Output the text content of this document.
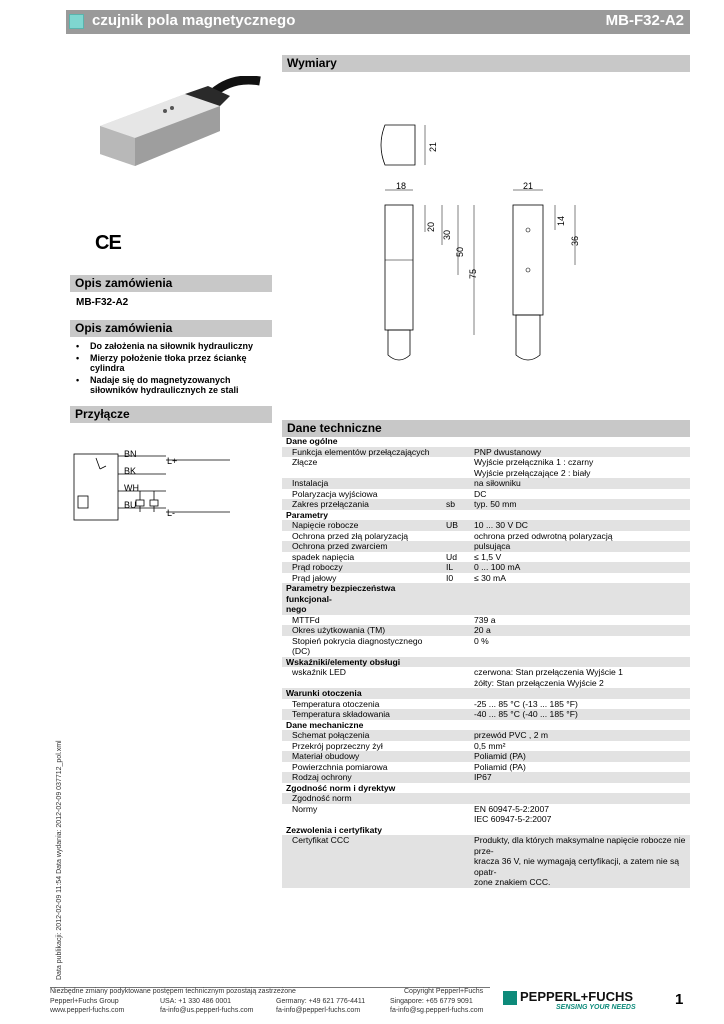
czujnik pola magnetycznego	MB-F32-A2
CE
Opis zamówienia
MB-F32-A2
Opis zamówienia
• Do założenia na siłownik hydrauliczny
• Mierzy położenie tłoka przez ściankę cylindra
• Nadaje się do magnetyzowanych siłowników hydraulicznych ze stali
Przyłącze
BN
BK
WH
BU
L+
L-
Wymiary
21
18	21
20
30
50
75
14
36
Dane techniczne
Dane ogólne		
Funkcja elementów przełączających		PNP dwustanowy
Złącze		Wyjście przełącznika 1 : czarny
Wyjście przełączające 2 : biały
Instalacja		na siłowniku
Polaryzacja wyjściowa		DC
Zakres przełączania	sb	typ. 50 mm
Parametry		
Napięcie robocze	UB	10 ... 30 V DC
Ochrona przed złą polaryzacją		ochrona przed odwrotną polaryzacją
Ochrona przed zwarciem		pulsująca
spadek napięcia	Ud	≤ 1,5 V
Prąd roboczy	IL	0 ... 100 mA
Prąd jałowy	I0	≤ 30 mA
Parametry bezpieczeństwa funkcjonal-
nego		
MTTFd		739 a
Okres użytkowania (TM)		20 a
Stopień pokrycia diagnostycznego (DC)		0 %
Wskaźniki/elementy obsługi		
wskaźnik LED		czerwona: Stan przełączenia Wyjście 1
żółty: Stan przełączenia Wyjście 2
Warunki otoczenia		
Temperatura otoczenia		-25 ... 85 °C (-13 ... 185 °F)
Temperatura składowania		-40 ... 85 °C (-40 ... 185 °F)
Dane mechaniczne		
Schemat połączenia		przewód PVC , 2 m
Przekrój poprzeczny żył		0,5 mm²
Materiał obudowy		Poliamid (PA)
Powierzchnia pomiarowa		Poliamid (PA)
Rodzaj ochrony		IP67
Zgodność norm i dyrektyw		
Zgodność norm		
Normy		EN 60947-5-2:2007
IEC 60947-5-2:2007
Zezwolenia i certyfikaty		
Certyfikat CCC		Produkty, dla których maksymalne napięcie robocze nie prze-
kracza 36 V, nie wymagają certyfikacji, a zatem nie są opatr-
zone znakiem CCC.
Data publikacji: 2012-02-09 11:54 Data wydania: 2012-02-09 037712_pol.xml
Niezbędne zmiany podyktowane postępem technicznym pozostają zastrzeżone	Copyright Pepperl+Fuchs
Pepperl+Fuchs Group
www.pepperl-fuchs.com
USA: +1 330 486 0001
fa-info@us.pepperl-fuchs.com
Germany: +49 621 776-4411
fa-info@pepperl-fuchs.com
Singapore: +65 6779 9091
fa-info@sg.pepperl-fuchs.com
PEPPERL+FUCHS
SENSING YOUR NEEDS	1
